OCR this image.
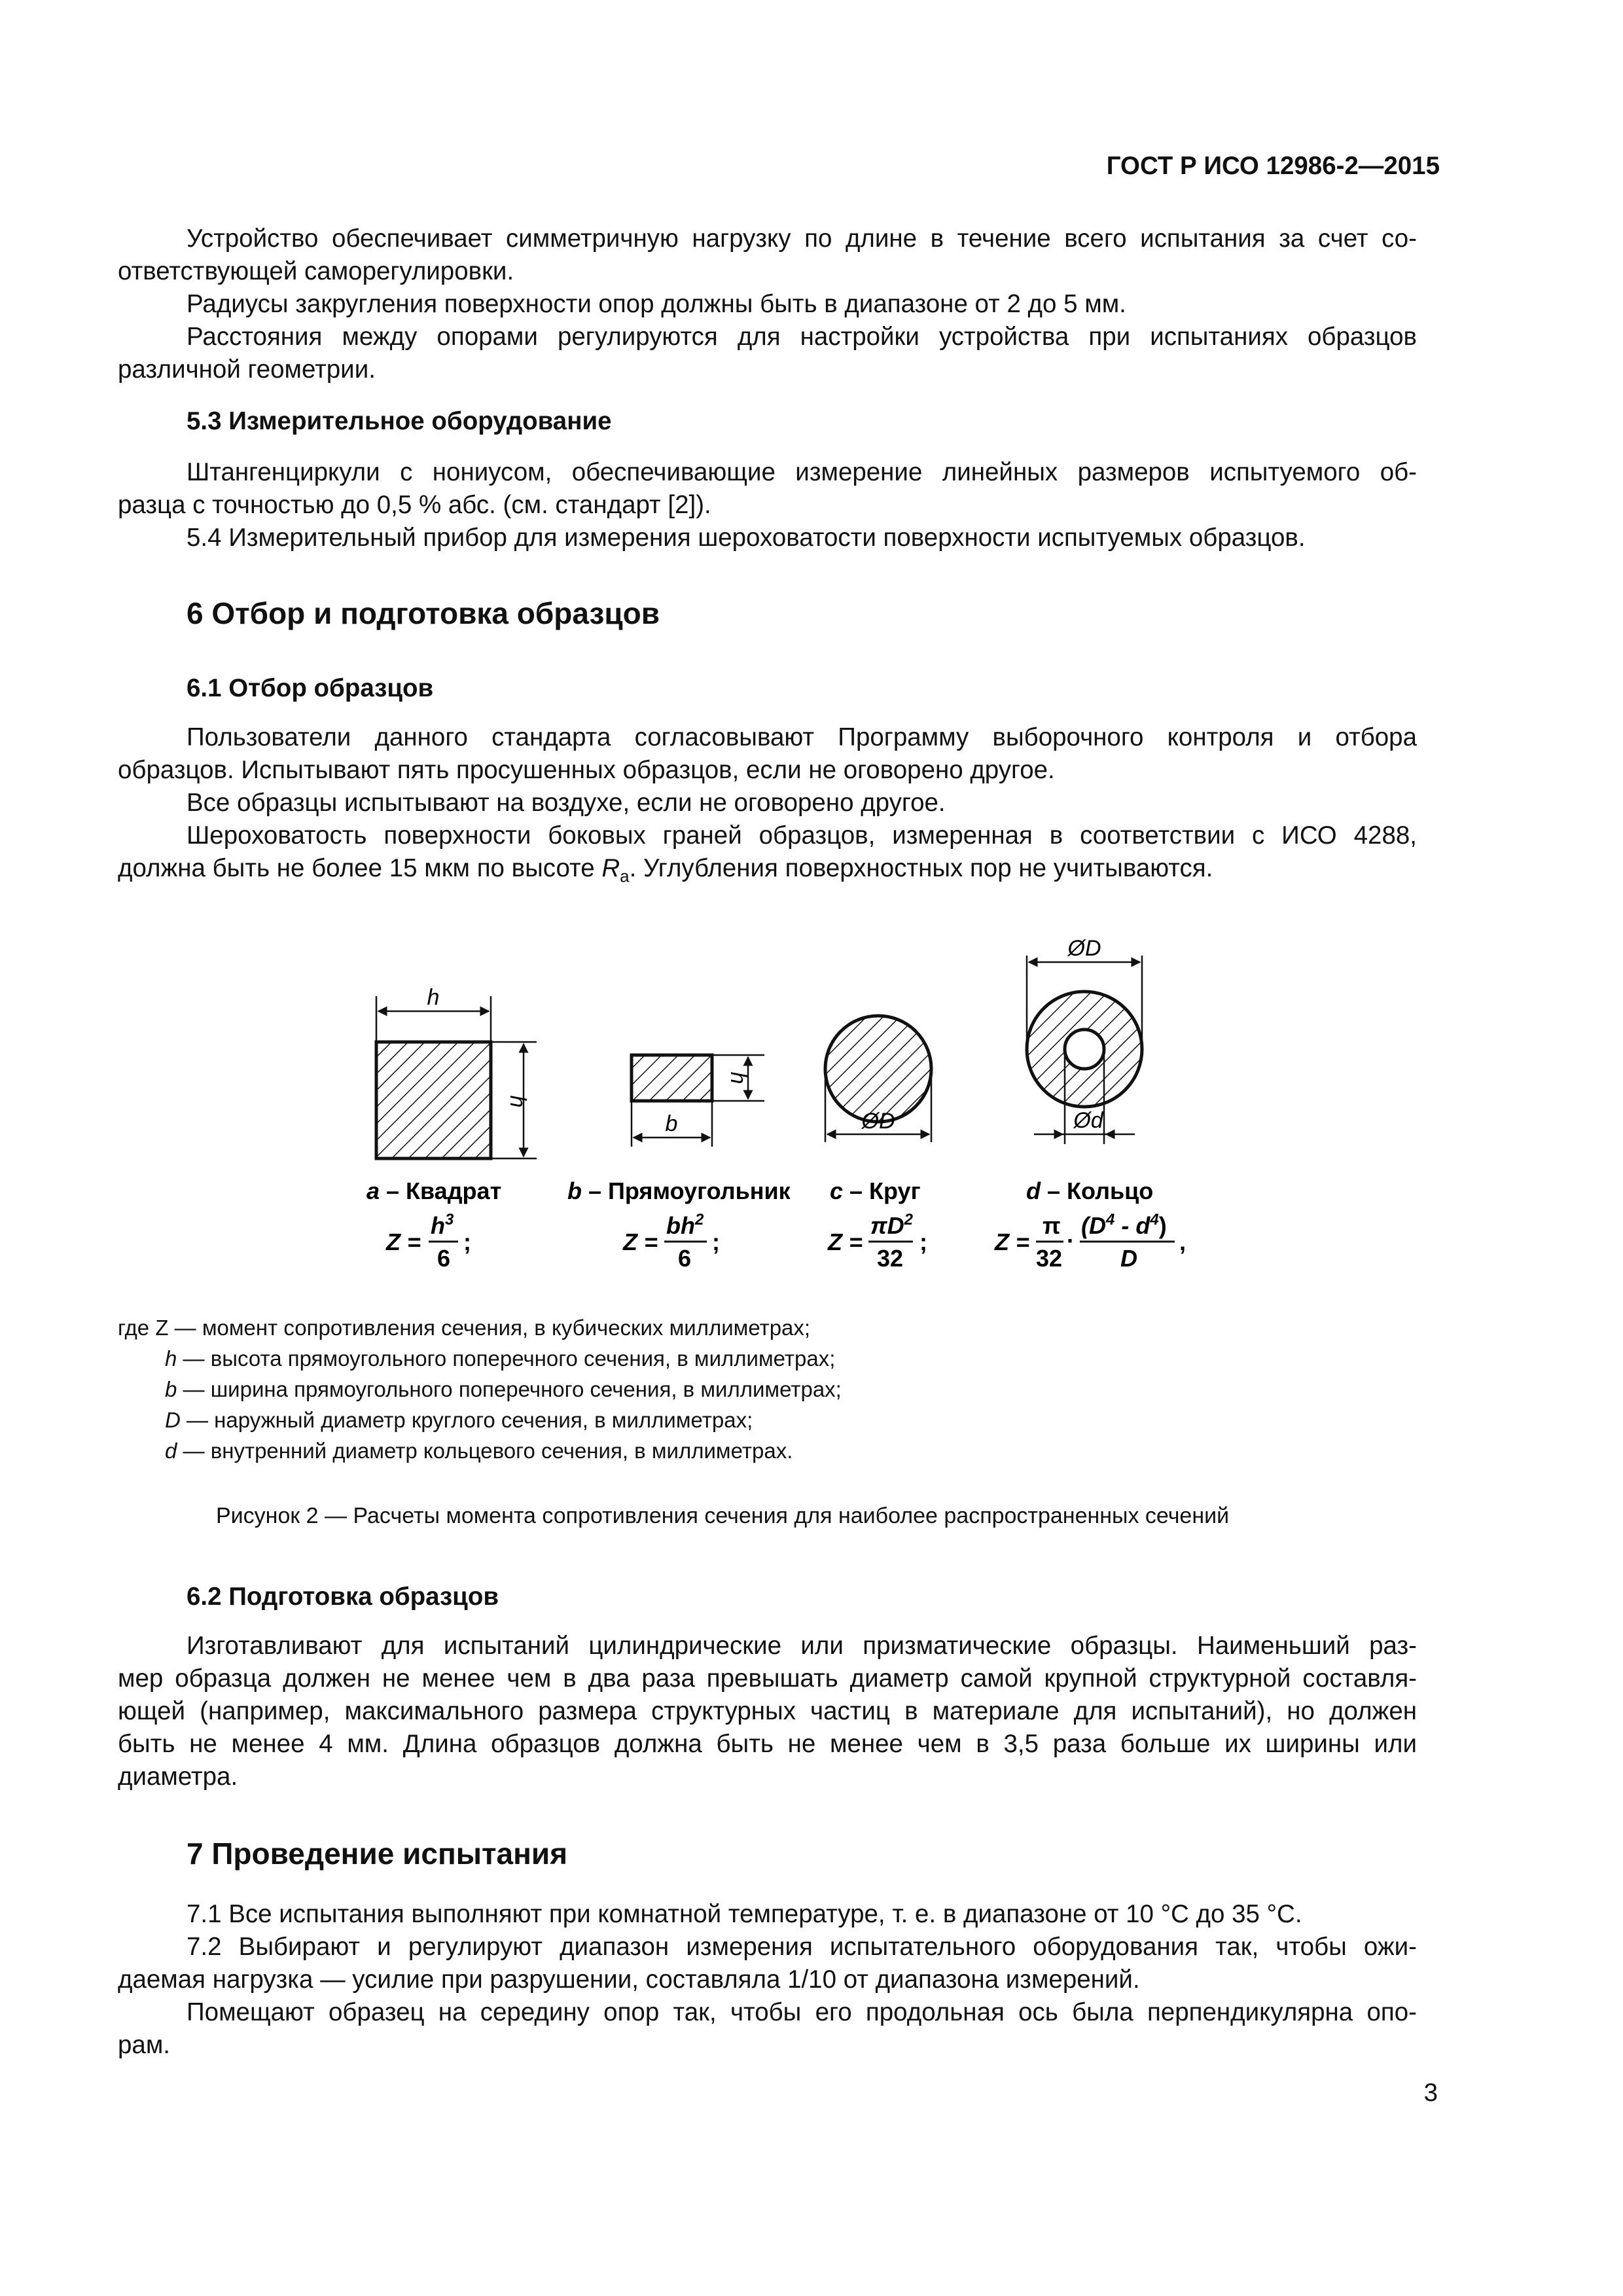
ГОСТ Р ИСО 12986-2—2015
Устройство обеспечивает симметричную нагрузку по длине в течение всего испытания за счет со-
ответствующей саморегулировки.
Радиусы закругления поверхности опор должны быть в диапазоне от 2 до 5 мм.
Расстояния между опорами регулируются для настройки устройства при испытаниях образцов
различной геометрии.
5.3 Измерительное оборудование
Штангенциркули с нониусом, обеспечивающие измерение линейных размеров испытуемого об-
разца с точностью до 0,5 % абс. (см. стандарт [2]).
5.4 Измерительный прибор для измерения шероховатости поверхности испытуемых образцов.
6 Отбор и подготовка образцов
6.1 Отбор образцов
Пользователи данного стандарта согласовывают Программу выборочного контроля и отбора
образцов. Испытывают пять просушенных образцов, если не оговорено другое.
Все образцы испытывают на воздухе, если не оговорено другое.
Шероховатость поверхности боковых граней образцов, измеренная в соответствии с ИСО 4288,
должна быть не более 15 мкм по высоте $R_a$. Углубления поверхностных пор не учитываются.
h
h
h
b	ØD
ØD
Ød
a – Квадрат	b – Прямоугольник c – Круг	d – Кольцо
Z =
$h^3$
6
;	Z =
$bh^2$
6
;	Z =
$\pi D^2$
32
;	Z =
π
32
·
$(D^4 - d^4)$
D
,
где Z — момент сопротивления сечения, в кубических миллиметрах;
h — высота прямоугольного поперечного сечения, в миллиметрах;
b — ширина прямоугольного поперечного сечения, в миллиметрах;
D — наружный диаметр круглого сечения, в миллиметрах;
d — внутренний диаметр кольцевого сечения, в миллиметрах.
Рисунок 2 — Расчеты момента сопротивления сечения для наиболее распространенных сечений
6.2 Подготовка образцов
Изготавливают для испытаний цилиндрические или призматические образцы. Наименьший раз-
мер образца должен не менее чем в два раза превышать диаметр самой крупной структурной составля-
ющей (например, максимального размера структурных частиц в материале для испытаний), но должен
быть не менее 4 мм. Длина образцов должна быть не менее чем в 3,5 раза больше их ширины или
диаметра.
7 Проведение испытания
7.1 Все испытания выполняют при комнатной температуре, т. е. в диапазоне от 10 °С до 35 °С.
7.2 Выбирают и регулируют диапазон измерения испытательного оборудования так, чтобы ожи-
даемая нагрузка — усилие при разрушении, составляла 1/10 от диапазона измерений.
Помещают образец на середину опор так, чтобы его продольная ось была перпендикулярна опо-
рам.
3
